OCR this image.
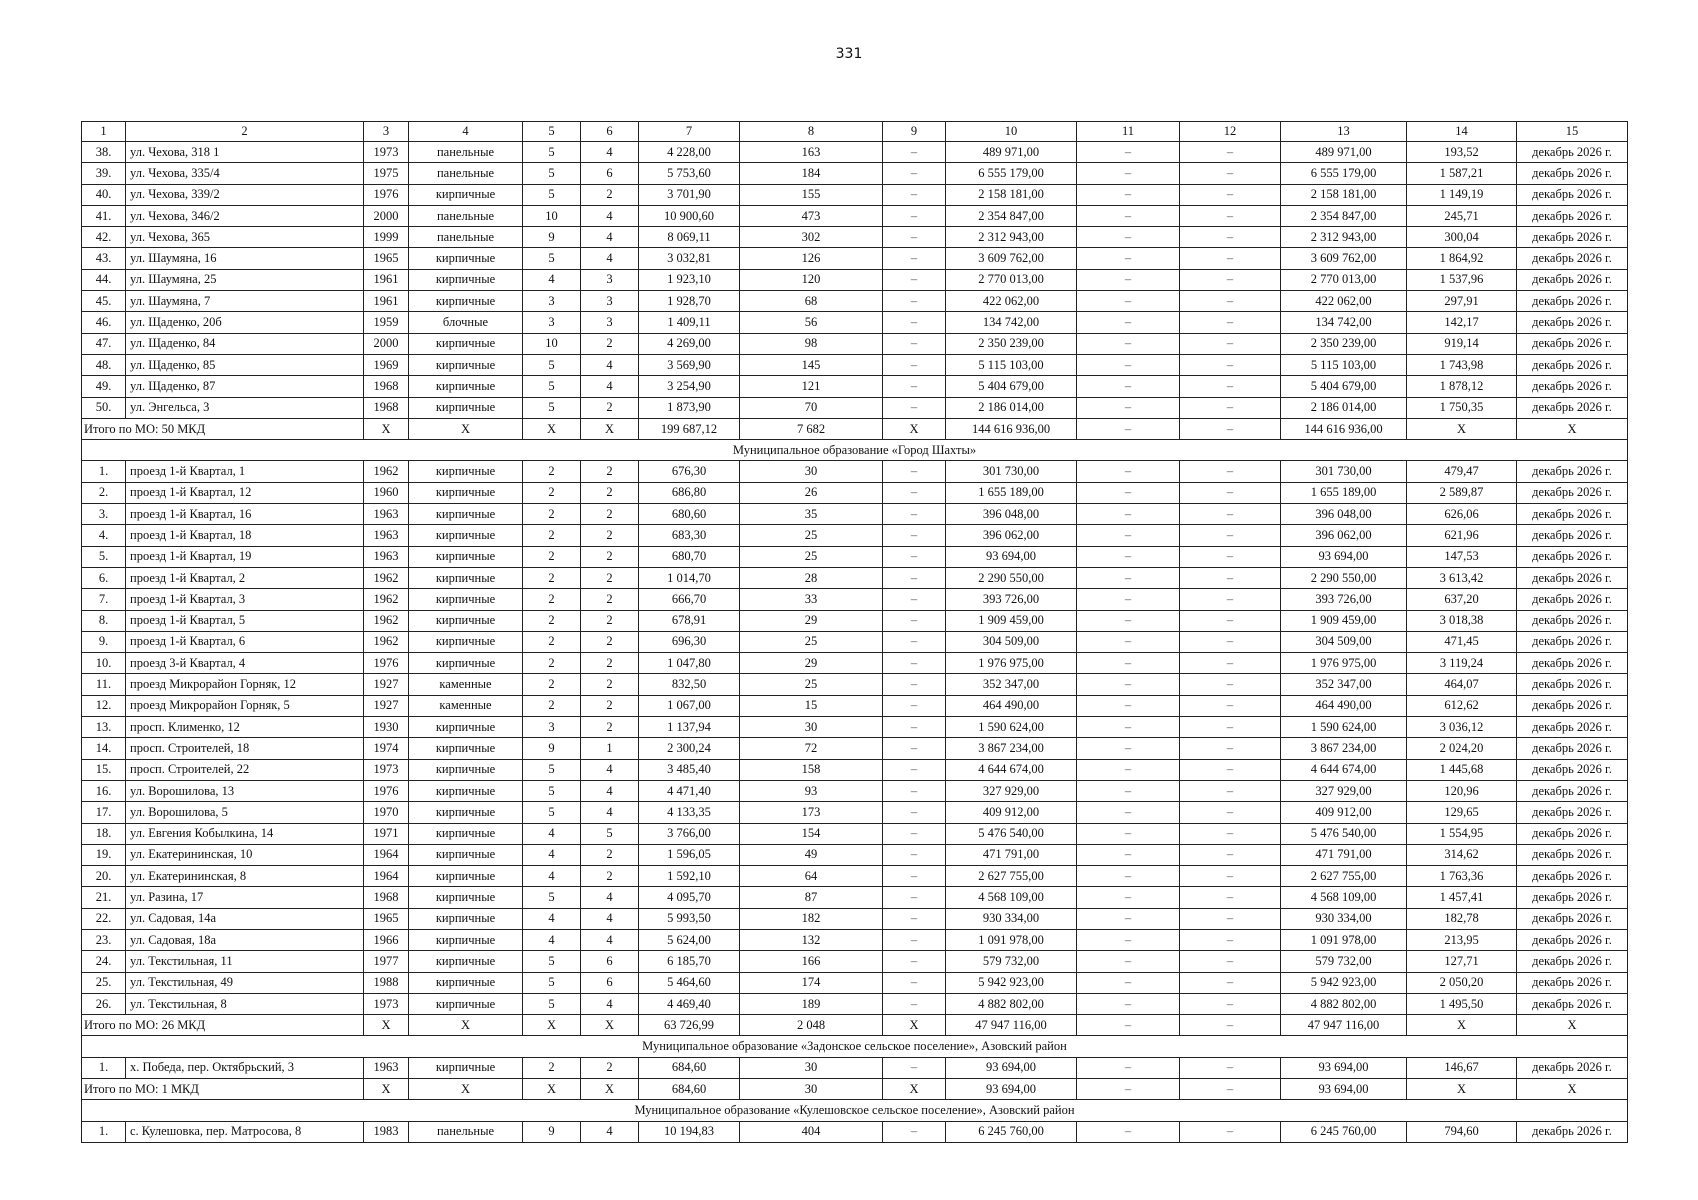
331
1	2	3	4	5	6	7	8	9	10	11	12	13	14	15
38.	ул. Чехова, 318 1	1973	панельные	5	4	4 228,00	163	–	489 971,00	–	–	489 971,00	193,52	декабрь 2026 г.
39.	ул. Чехова, 335/4	1975	панельные	5	6	5 753,60	184	–	6 555 179,00	–	–	6 555 179,00	1 587,21	декабрь 2026 г.
40.	ул. Чехова, 339/2	1976	кирпичные	5	2	3 701,90	155	–	2 158 181,00	–	–	2 158 181,00	1 149,19	декабрь 2026 г.
41.	ул. Чехова, 346/2	2000	панельные	10	4	10 900,60	473	–	2 354 847,00	–	–	2 354 847,00	245,71	декабрь 2026 г.
42.	ул. Чехова, 365	1999	панельные	9	4	8 069,11	302	–	2 312 943,00	–	–	2 312 943,00	300,04	декабрь 2026 г.
43.	ул. Шаумяна, 16	1965	кирпичные	5	4	3 032,81	126	–	3 609 762,00	–	–	3 609 762,00	1 864,92	декабрь 2026 г.
44.	ул. Шаумяна, 25	1961	кирпичные	4	3	1 923,10	120	–	2 770 013,00	–	–	2 770 013,00	1 537,96	декабрь 2026 г.
45.	ул. Шаумяна, 7	1961	кирпичные	3	3	1 928,70	68	–	422 062,00	–	–	422 062,00	297,91	декабрь 2026 г.
46.	ул. Щаденко, 20б	1959	блочные	3	3	1 409,11	56	–	134 742,00	–	–	134 742,00	142,17	декабрь 2026 г.
47.	ул. Щаденко, 84	2000	кирпичные	10	2	4 269,00	98	–	2 350 239,00	–	–	2 350 239,00	919,14	декабрь 2026 г.
48.	ул. Щаденко, 85	1969	кирпичные	5	4	3 569,90	145	–	5 115 103,00	–	–	5 115 103,00	1 743,98	декабрь 2026 г.
49.	ул. Щаденко, 87	1968	кирпичные	5	4	3 254,90	121	–	5 404 679,00	–	–	5 404 679,00	1 878,12	декабрь 2026 г.
50.	ул. Энгельса, 3	1968	кирпичные	5	2	1 873,90	70	–	2 186 014,00	–	–	2 186 014,00	1 750,35	декабрь 2026 г.
Итого по МО: 50 МКД		Х	Х	Х	Х	199 687,12	7 682	Х	144 616 936,00	–	–	144 616 936,00	Х	Х
Муниципальное образование «Город Шахты»														
1.	проезд 1-й Квартал, 1	1962	кирпичные	2	2	676,30	30	–	301 730,00	–	–	301 730,00	479,47	декабрь 2026 г.
2.	проезд 1-й Квартал, 12	1960	кирпичные	2	2	686,80	26	–	1 655 189,00	–	–	1 655 189,00	2 589,87	декабрь 2026 г.
3.	проезд 1-й Квартал, 16	1963	кирпичные	2	2	680,60	35	–	396 048,00	–	–	396 048,00	626,06	декабрь 2026 г.
4.	проезд 1-й Квартал, 18	1963	кирпичные	2	2	683,30	25	–	396 062,00	–	–	396 062,00	621,96	декабрь 2026 г.
5.	проезд 1-й Квартал, 19	1963	кирпичные	2	2	680,70	25	–	93 694,00	–	–	93 694,00	147,53	декабрь 2026 г.
6.	проезд 1-й Квартал, 2	1962	кирпичные	2	2	1 014,70	28	–	2 290 550,00	–	–	2 290 550,00	3 613,42	декабрь 2026 г.
7.	проезд 1-й Квартал, 3	1962	кирпичные	2	2	666,70	33	–	393 726,00	–	–	393 726,00	637,20	декабрь 2026 г.
8.	проезд 1-й Квартал, 5	1962	кирпичные	2	2	678,91	29	–	1 909 459,00	–	–	1 909 459,00	3 018,38	декабрь 2026 г.
9.	проезд 1-й Квартал, 6	1962	кирпичные	2	2	696,30	25	–	304 509,00	–	–	304 509,00	471,45	декабрь 2026 г.
10.	проезд 3-й Квартал, 4	1976	кирпичные	2	2	1 047,80	29	–	1 976 975,00	–	–	1 976 975,00	3 119,24	декабрь 2026 г.
11.	проезд Микрорайон Горняк, 12	1927	каменные	2	2	832,50	25	–	352 347,00	–	–	352 347,00	464,07	декабрь 2026 г.
12.	проезд Микрорайон Горняк, 5	1927	каменные	2	2	1 067,00	15	–	464 490,00	–	–	464 490,00	612,62	декабрь 2026 г.
13.	просп. Клименко, 12	1930	кирпичные	3	2	1 137,94	30	–	1 590 624,00	–	–	1 590 624,00	3 036,12	декабрь 2026 г.
14.	просп. Строителей, 18	1974	кирпичные	9	1	2 300,24	72	–	3 867 234,00	–	–	3 867 234,00	2 024,20	декабрь 2026 г.
15.	просп. Строителей, 22	1973	кирпичные	5	4	3 485,40	158	–	4 644 674,00	–	–	4 644 674,00	1 445,68	декабрь 2026 г.
16.	ул. Ворошилова, 13	1976	кирпичные	5	4	4 471,40	93	–	327 929,00	–	–	327 929,00	120,96	декабрь 2026 г.
17.	ул. Ворошилова, 5	1970	кирпичные	5	4	4 133,35	173	–	409 912,00	–	–	409 912,00	129,65	декабрь 2026 г.
18.	ул. Евгения Кобылкина, 14	1971	кирпичные	4	5	3 766,00	154	–	5 476 540,00	–	–	5 476 540,00	1 554,95	декабрь 2026 г.
19.	ул. Екатерининская, 10	1964	кирпичные	4	2	1 596,05	49	–	471 791,00	–	–	471 791,00	314,62	декабрь 2026 г.
20.	ул. Екатерининская, 8	1964	кирпичные	4	2	1 592,10	64	–	2 627 755,00	–	–	2 627 755,00	1 763,36	декабрь 2026 г.
21.	ул. Разина, 17	1968	кирпичные	5	4	4 095,70	87	–	4 568 109,00	–	–	4 568 109,00	1 457,41	декабрь 2026 г.
22.	ул. Садовая, 14а	1965	кирпичные	4	4	5 993,50	182	–	930 334,00	–	–	930 334,00	182,78	декабрь 2026 г.
23.	ул. Садовая, 18а	1966	кирпичные	4	4	5 624,00	132	–	1 091 978,00	–	–	1 091 978,00	213,95	декабрь 2026 г.
24.	ул. Текстильная, 11	1977	кирпичные	5	6	6 185,70	166	–	579 732,00	–	–	579 732,00	127,71	декабрь 2026 г.
25.	ул. Текстильная, 49	1988	кирпичные	5	6	5 464,60	174	–	5 942 923,00	–	–	5 942 923,00	2 050,20	декабрь 2026 г.
26.	ул. Текстильная, 8	1973	кирпичные	5	4	4 469,40	189	–	4 882 802,00	–	–	4 882 802,00	1 495,50	декабрь 2026 г.
Итого по МО: 26 МКД		Х	Х	Х	Х	63 726,99	2 048	Х	47 947 116,00	–	–	47 947 116,00	Х	Х
Муниципальное образование «Задонское сельское поселение», Азовский район														
1.	х. Победа, пер. Октябрьский, 3	1963	кирпичные	2	2	684,60	30	–	93 694,00	–	–	93 694,00	146,67	декабрь 2026 г.
Итого по МО: 1 МКД		Х	Х	Х	Х	684,60	30	Х	93 694,00	–	–	93 694,00	Х	Х
Муниципальное образование «Кулешовское сельское поселение», Азовский район														
1.	с. Кулешовка, пер. Матросова, 8	1983	панельные	9	4	10 194,83	404	–	6 245 760,00	–	–	6 245 760,00	794,60	декабрь 2026 г.
